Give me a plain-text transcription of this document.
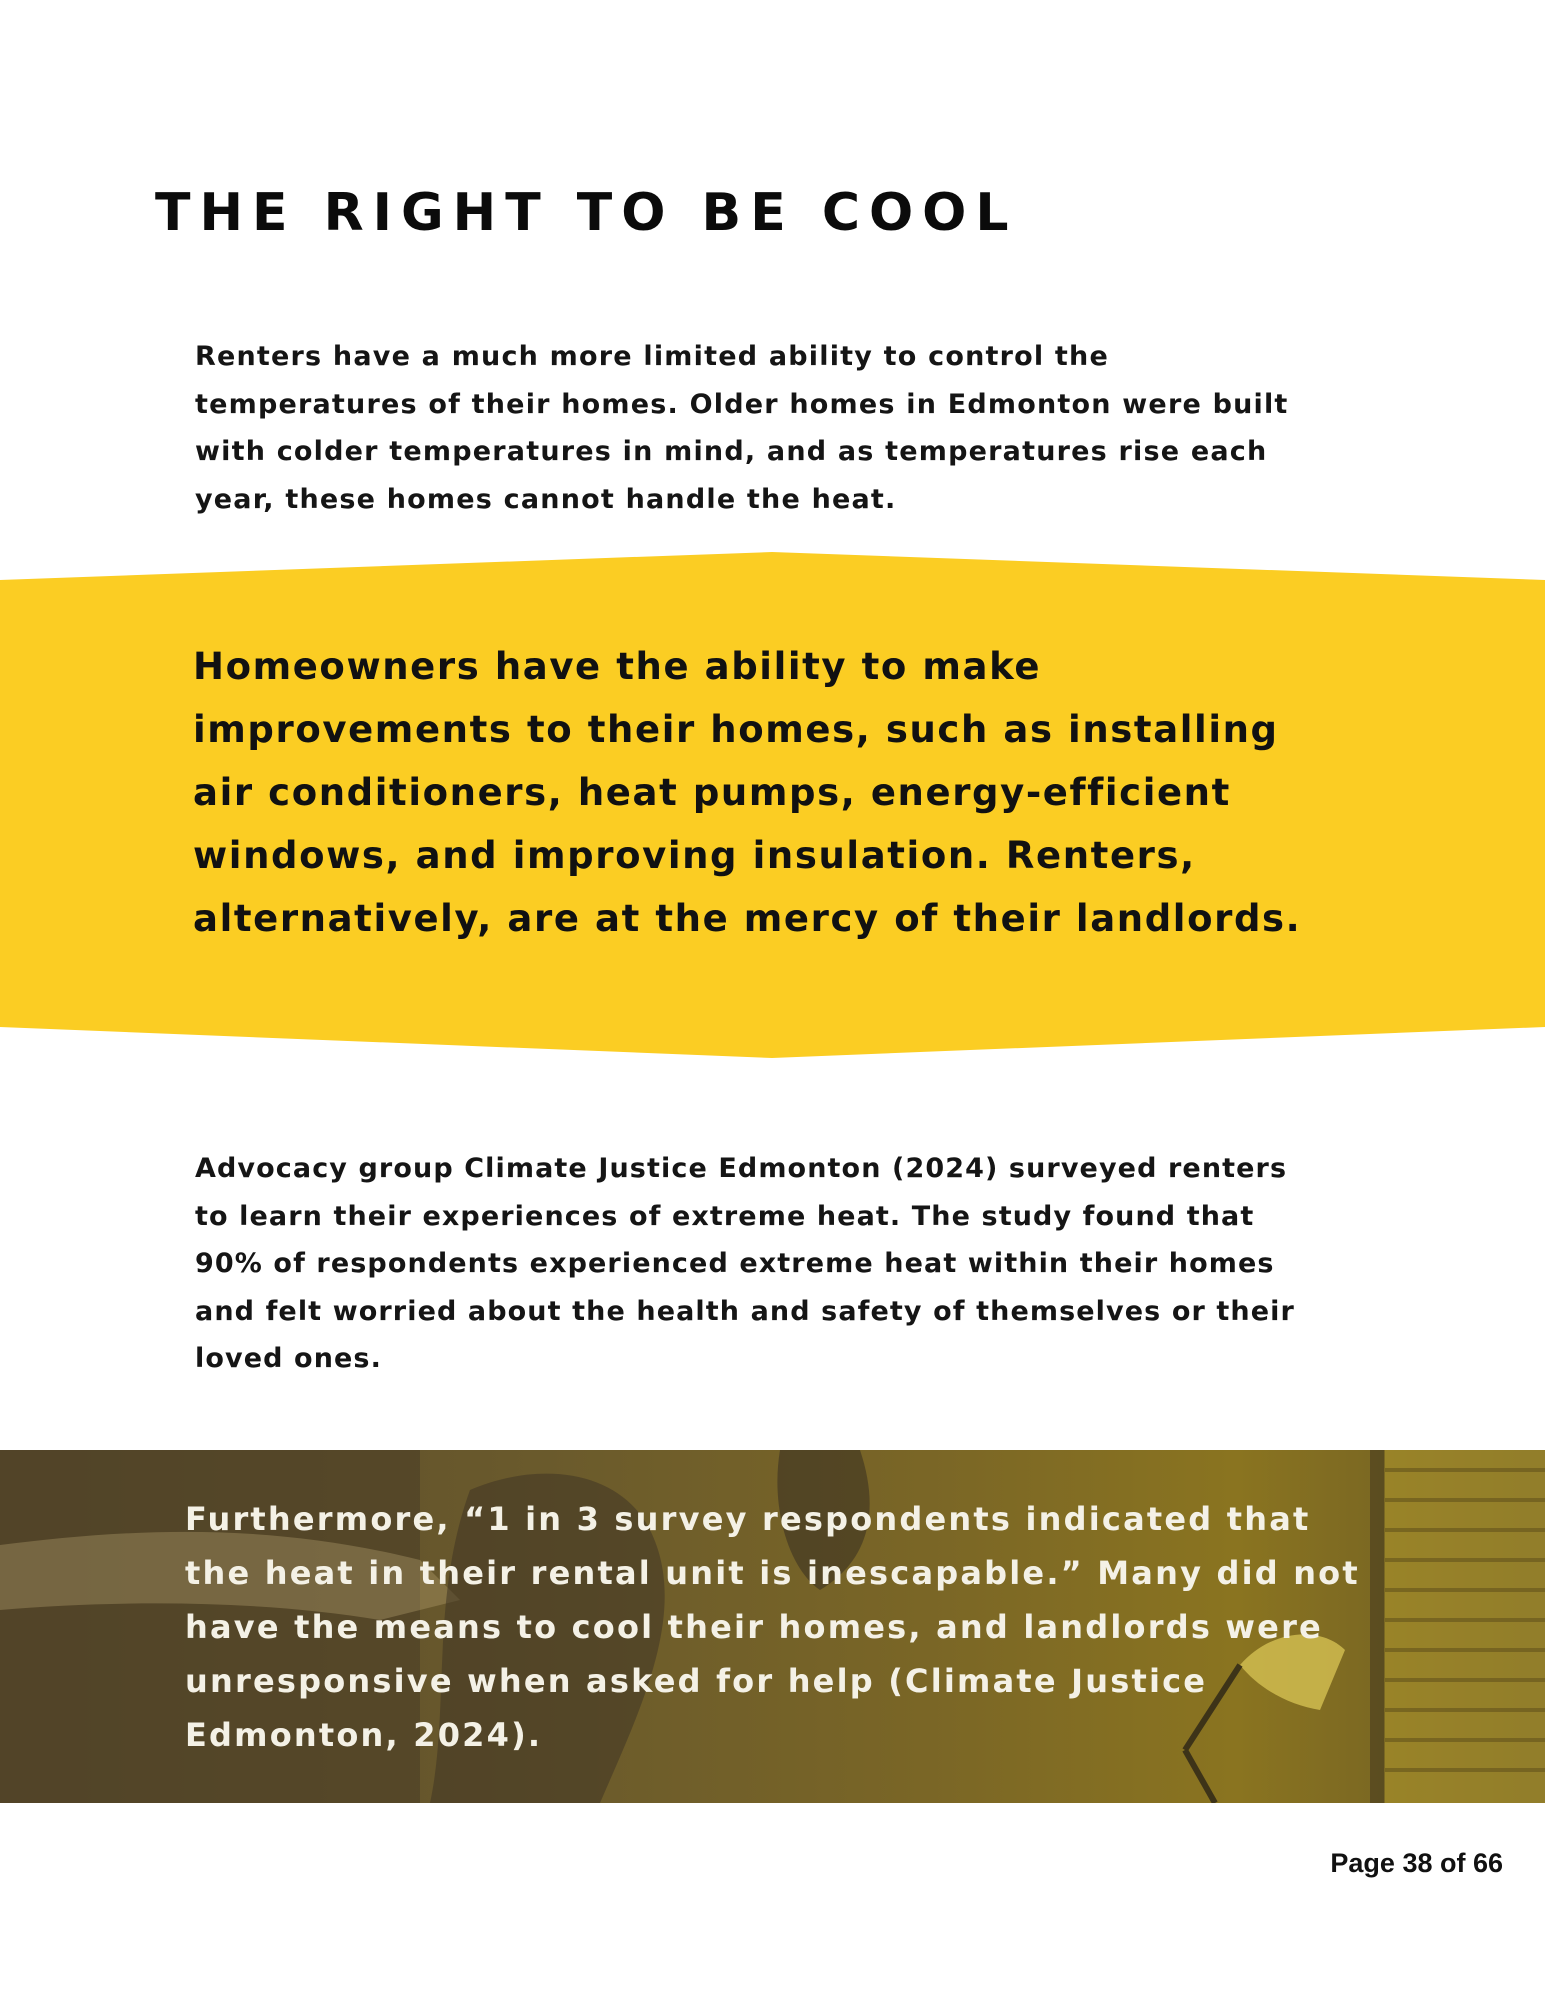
THE RIGHT TO BE COOL

Renters have a much more limited ability to control the
temperatures of their homes. Older homes in Edmonton were built
with colder temperatures in mind, and as temperatures rise each
year, these homes cannot handle the heat.

Homeowners have the ability to make
improvements to their homes, such as installing
air conditioners, heat pumps, energy-efficient
windows, and improving insulation. Renters,
alternatively, are at the mercy of their landlords.

Advocacy group Climate Justice Edmonton (2024) surveyed renters
to learn their experiences of extreme heat. The study found that
90% of respondents experienced extreme heat within their homes
and felt worried about the health and safety of themselves or their
loved ones.

Furthermore, “1 in 3 survey respondents indicated that
the heat in their rental unit is inescapable.” Many did not
have the means to cool their homes, and landlords were
unresponsive when asked for help (Climate Justice
Edmonton, 2024).

Page 38 of 66
